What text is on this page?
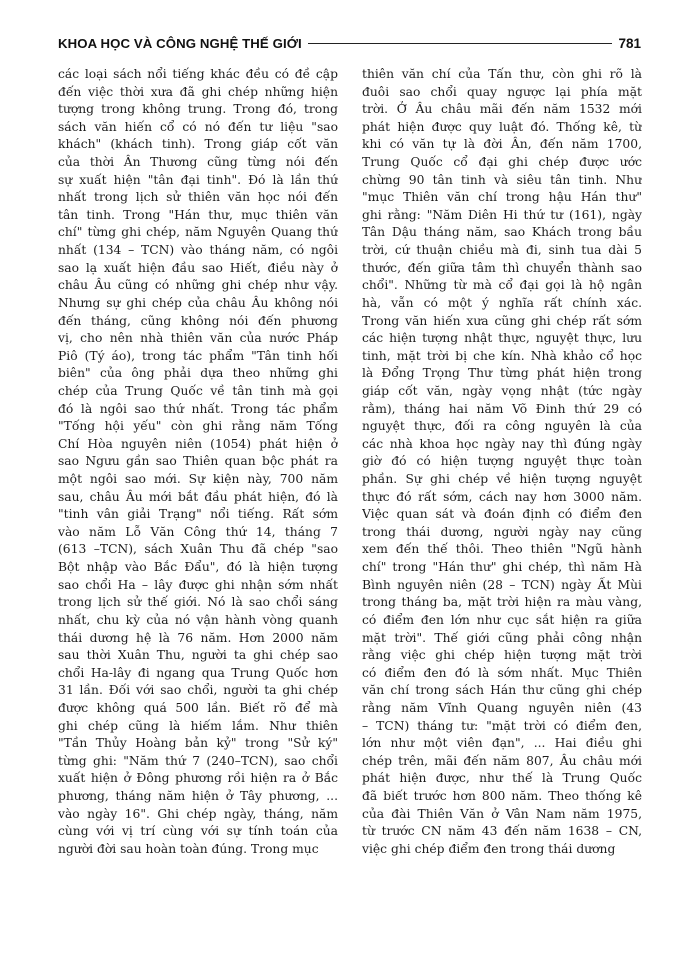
KHOA HỌC VÀ CÔNG NGHỆ THẾ GIỚI	781
các loại sách nổi tiếng khác đều có đề cập
đến việc thời xưa đã ghi chép những hiện
tượng trong không trung. Trong đó, trong
sách văn hiến cổ có nó đến tư liệu "sao
khách" (khách tinh). Trong giáp cốt văn
của thời Ân Thương cũng từng nói đến
sự xuất hiện "tân đại tinh". Đó là lần thứ
nhất trong lịch sử thiên văn học nói đến
tân tinh. Trong "Hán thư, mục thiên văn
chí" từng ghi chép, năm Nguyên Quang thứ
nhất (134 – TCN) vào tháng năm, có ngôi
sao lạ xuất hiện đầu sao Hiết, điều này ở
châu Âu cũng có những ghi chép như vậy.
Nhưng sự ghi chép của châu Âu không nói
đến tháng, cũng không nói đến phương
vị, cho nên nhà thiên văn của nước Pháp
Piô (Tý áo), trong tác phẩm "Tân tinh hối
biên" của ông phải dựa theo những ghi
chép của Trung Quốc về tân tinh mà gọi
đó là ngôi sao thứ nhất. Trong tác phẩm
"Tống hội yếu" còn ghi rằng năm Tống
Chí Hòa nguyên niên (1054) phát hiện ở
sao Ngưu gần sao Thiên quan bộc phát ra
một ngôi sao mới. Sự kiện này, 700 năm
sau, châu Âu mới bắt đầu phát hiện, đó là
"tinh vân giải Trạng" nổi tiếng. Rất sớm
vào năm Lỗ Văn Công thứ 14, tháng 7
(613 –TCN), sách Xuân Thu đã chép "sao
Bột nhập vào Bắc Đẩu", đó là hiện tượng
sao chổi Ha – lây được ghi nhận sớm nhất
trong lịch sử thế giới. Nó là sao chổi sáng
nhất, chu kỳ của nó vận hành vòng quanh
thái dương hệ là 76 năm. Hơn 2000 năm
sau thời Xuân Thu, người ta ghi chép sao
chổi Ha-lây đi ngang qua Trung Quốc hơn
31 lần. Đối với sao chổi, người ta ghi chép
được không quá 500 lần. Biết rõ để mà
ghi chép cũng là hiếm lắm. Như thiên
"Tần Thủy Hoàng bản kỷ" trong "Sử ký"
từng ghi: "Năm thứ 7 (240–TCN), sao chổi
xuất hiện ở Đông phương rồi hiện ra ở Bắc
phương, tháng năm hiện ở Tây phương, ...
vào ngày 16". Ghi chép ngày, tháng, năm
cùng với vị trí cùng với sự tính toán của
người đời sau hoàn toàn đúng. Trong mục
thiên văn chí của Tấn thư, còn ghi rõ là
đuôi sao chổi quay ngược lại phía mặt
trời. Ở Âu châu mãi đến năm 1532 mới
phát hiện được quy luật đó. Thống kê, từ
khi có văn tự là đời Ân, đến năm 1700,
Trung Quốc cổ đại ghi chép được ước
chừng 90 tân tinh và siêu tân tinh. Như
"mục Thiên văn chí trong hậu Hán thư"
ghi rằng: "Năm Diên Hi thứ tư (161), ngày
Tân Dậu tháng năm, sao Khách trong bầu
trời, cứ thuận chiều mà đi, sinh tua dài 5
thước, đến giữa tâm thì chuyển thành sao
chổi". Những từ mà cổ đại gọi là hộ ngân
hà, vẫn có một ý nghĩa rất chính xác.
Trong văn hiến xưa cũng ghi chép rất sớm
các hiện tượng nhật thực, nguyệt thực, lưu
tinh, mặt trời bị che kín. Nhà khảo cổ học
là Đổng Trọng Thư từng phát hiện trong
giáp cốt văn, ngày vọng nhật (tức ngày
rằm), tháng hai năm Võ Đinh thứ 29 có
nguyệt thực, đối ra công nguyên là của
các nhà khoa học ngày nay thì đúng ngày
giờ đó có hiện tượng nguyệt thực toàn
phần. Sự ghi chép về hiện tượng nguyệt
thực đó rất sớm, cách nay hơn 3000 năm.
Việc quan sát và đoán định có điểm đen
trong thái dương, người ngày nay cũng
xem đến thế thôi. Theo thiên "Ngũ hành
chí" trong "Hán thư" ghi chép, thì năm Hà
Bình nguyên niên (28 – TCN) ngày Ất Mùi
trong tháng ba, mặt trời hiện ra màu vàng,
có điểm đen lớn như cục sắt hiện ra giữa
mặt trời". Thế giới cũng phải công nhận
rằng việc ghi chép hiện tượng mặt trời
có điểm đen đó là sớm nhất. Mục Thiên
văn chí trong sách Hán thư cũng ghi chép
rằng năm Vĩnh Quang nguyên niên (43
– TCN) tháng tư: "mặt trời có điểm đen,
lớn như một viên đạn", ... Hai điều ghi
chép trên, mãi đến năm 807, Âu châu mới
phát hiện được, như thế là Trung Quốc
đã biết trước hơn 800 năm. Theo thống kê
của đài Thiên Văn ở Vân Nam năm 1975,
từ trước CN năm 43 đến năm 1638 – CN,
việc ghi chép điểm đen trong thái dương
